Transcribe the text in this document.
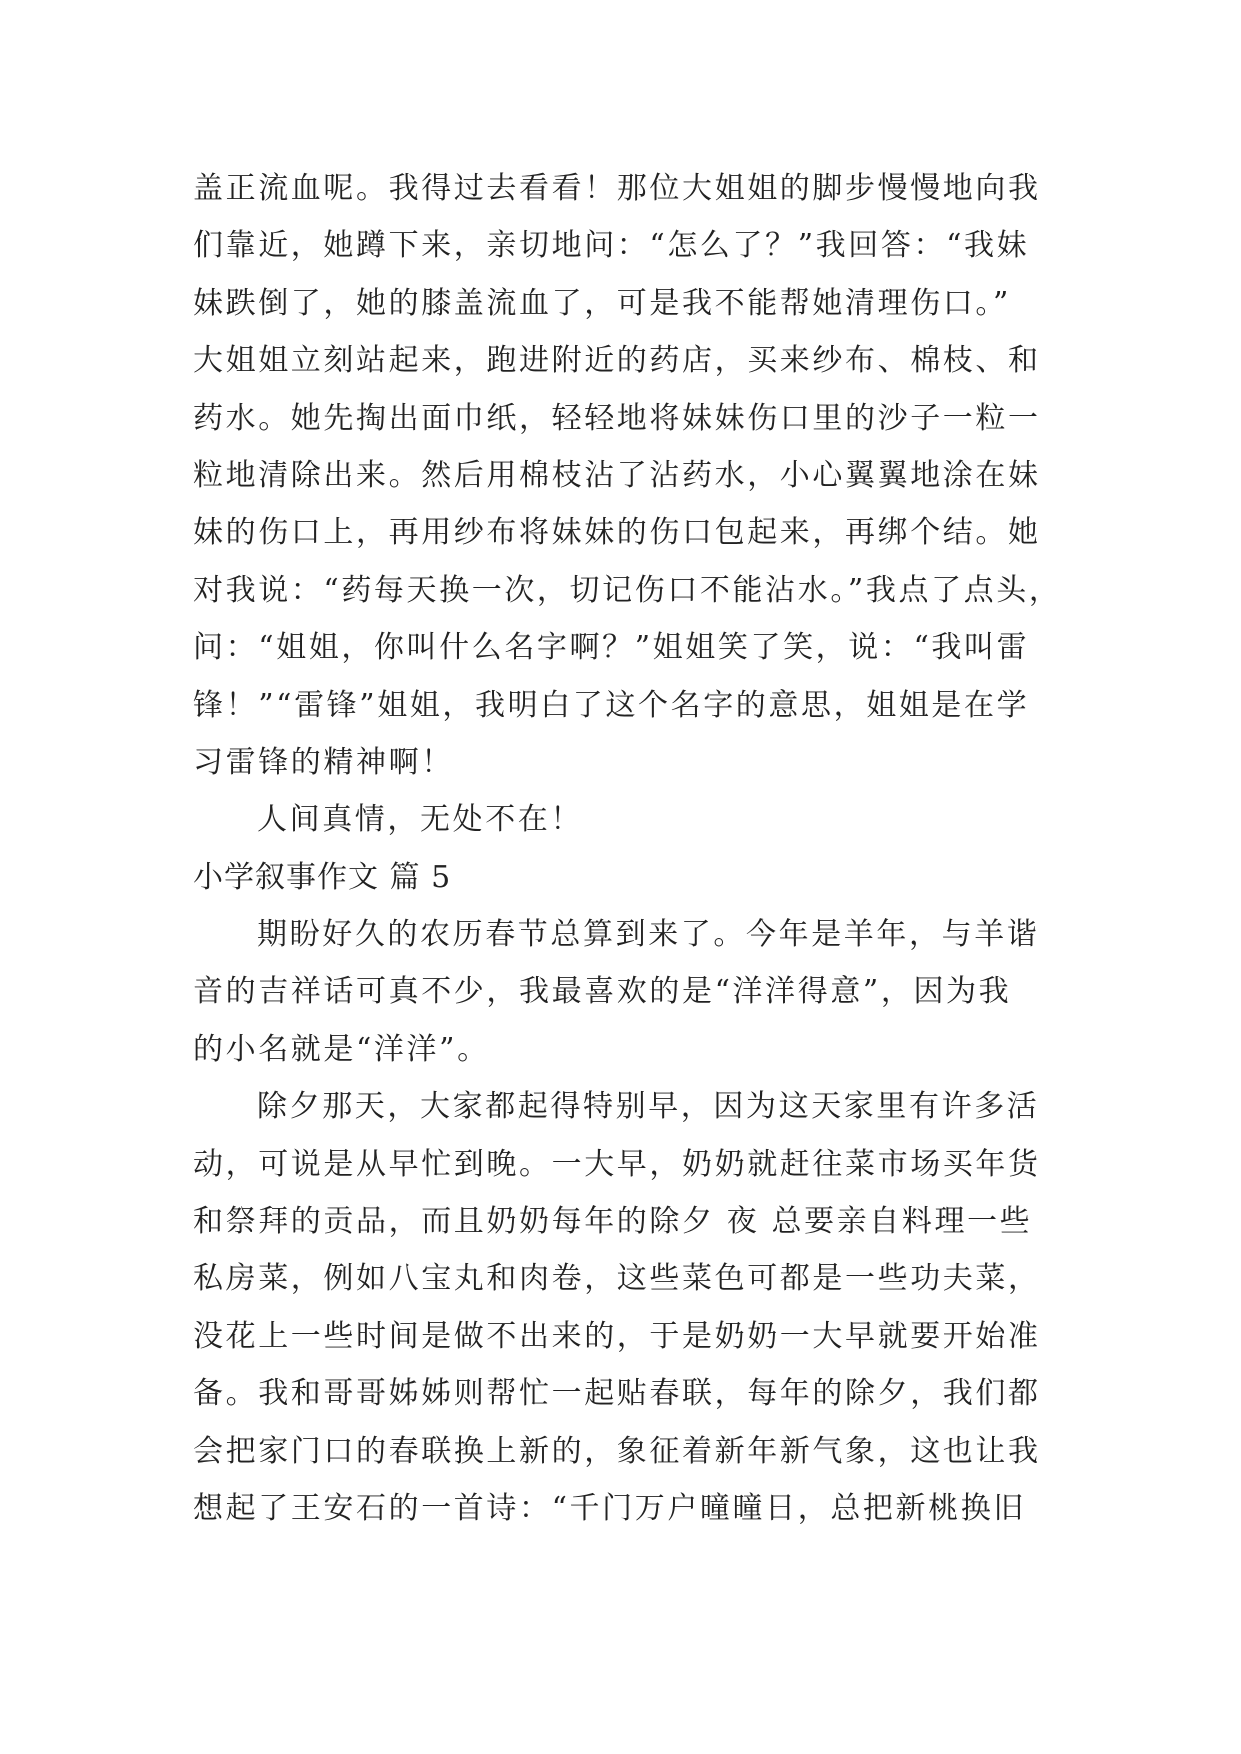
盖正流血呢。我得过去看看！那位大姐姐的脚步慢慢地向我
们靠近，她蹲下来，亲切地问：“怎么了？”我回答：“我妹
妹跌倒了，她的膝盖流血了，可是我不能帮她清理伤口。”
大姐姐立刻站起来，跑进附近的药店，买来纱布、棉枝、和
药水。她先掏出面巾纸，轻轻地将妹妹伤口里的沙子一粒一
粒地清除出来。然后用棉枝沾了沾药水，小心翼翼地涂在妹
妹的伤口上，再用纱布将妹妹的伤口包起来，再绑个结。她
对我说：“药每天换一次，切记伤口不能沾水。”我点了点头，
问：“姐姐，你叫什么名字啊？”姐姐笑了笑，说：“我叫雷
锋！”“雷锋”姐姐，我明白了这个名字的意思，姐姐是在学
习雷锋的精神啊！
人间真情，无处不在！
小学叙事作文 篇 5
期盼好久的农历春节总算到来了。今年是羊年，与羊谐
音的吉祥话可真不少，我最喜欢的是“洋洋得意”，因为我
的小名就是“洋洋”。
除夕那天，大家都起得特别早，因为这天家里有许多活
动，可说是从早忙到晚。一大早，奶奶就赶往菜市场买年货
和祭拜的贡品，而且奶奶每年的除夕 夜 总要亲自料理一些
私房菜，例如八宝丸和肉卷，这些菜色可都是一些功夫菜，
没花上一些时间是做不出来的，于是奶奶一大早就要开始准
备。我和哥哥姊姊则帮忙一起贴春联，每年的除夕，我们都
会把家门口的春联换上新的，象征着新年新气象，这也让我
想起了王安石的一首诗：“千门万户曈曈日，总把新桃换旧
